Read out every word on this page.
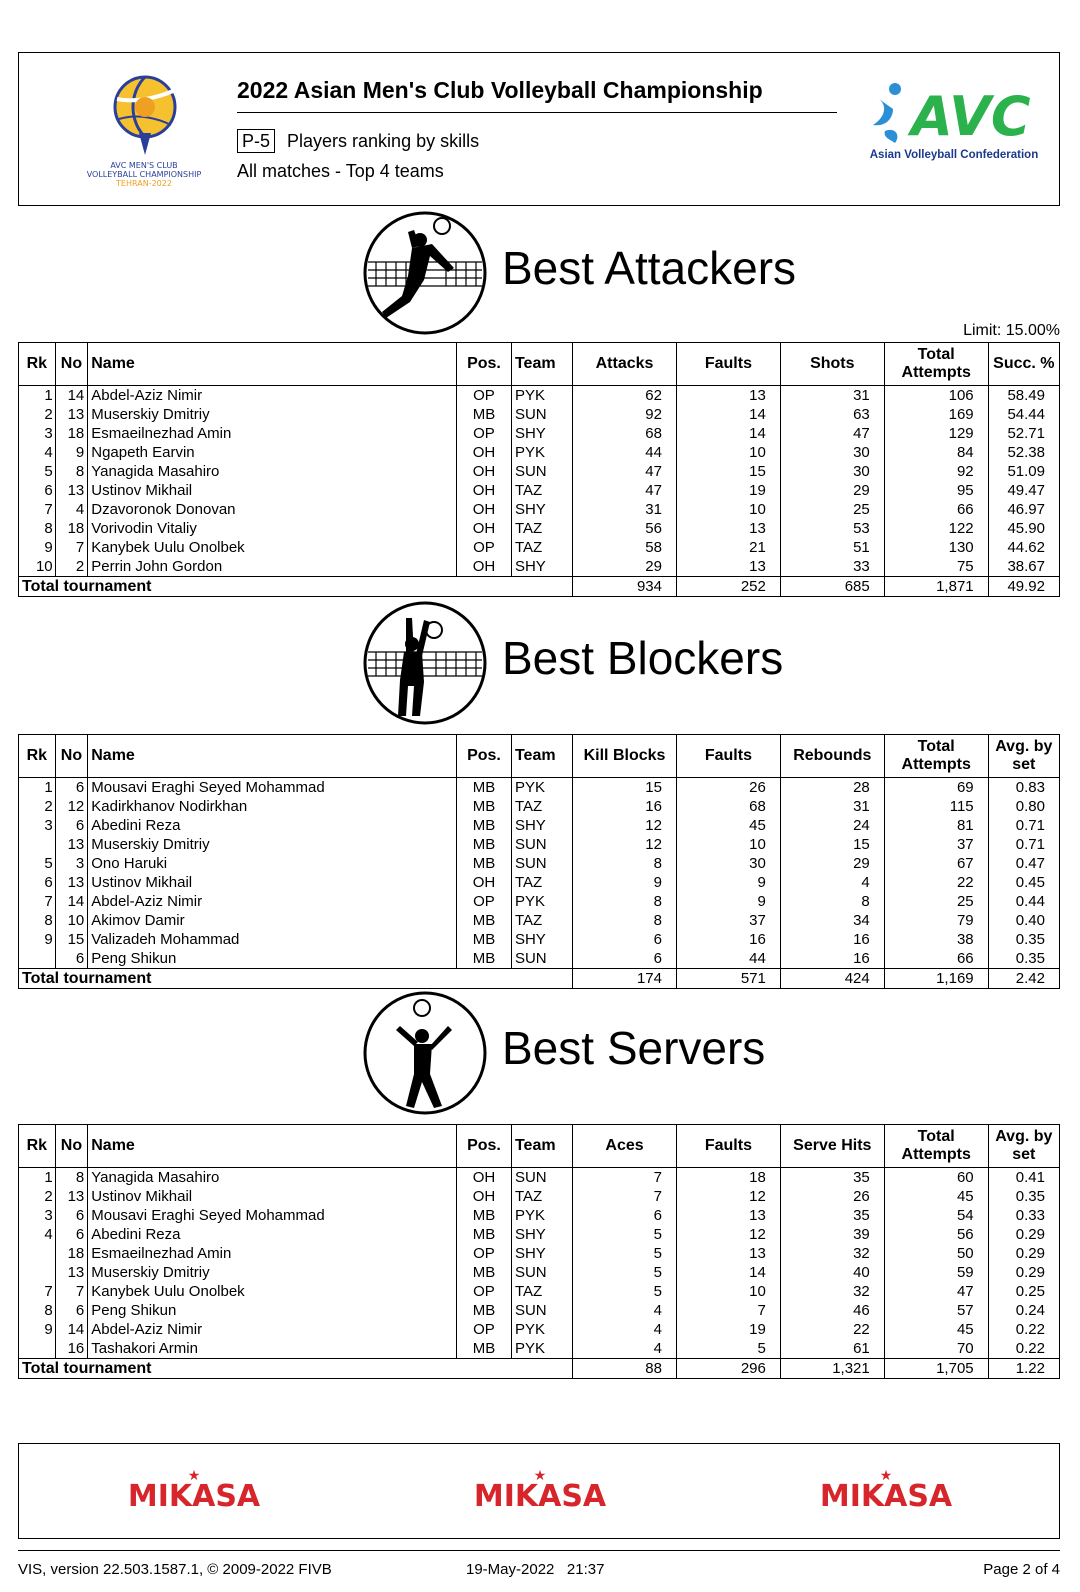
AVC MEN'S CLUB
VOLLEYBALL CHAMPIONSHIP
TEHRAN-2022
2022 Asian Men's Club Volleyball Championship
P-5 Players ranking by skills
All matches - Top 4 teams
AVC
Asian Volleyball Confederation
Best Attackers
Limit: 15.00%
Rk	No	Name	Pos.	Team	Attacks	Faults	Shots	Total Attempts	Succ. %
1	14	Abdel-Aziz Nimir	OP	PYK	62	13	31	106	58.49
2	13	Muserskiy Dmitriy	MB	SUN	92	14	63	169	54.44
3	18	Esmaeilnezhad Amin	OP	SHY	68	14	47	129	52.71
4	9	Ngapeth Earvin	OH	PYK	44	10	30	84	52.38
5	8	Yanagida Masahiro	OH	SUN	47	15	30	92	51.09
6	13	Ustinov Mikhail	OH	TAZ	47	19	29	95	49.47
7	4	Dzavoronok Donovan	OH	SHY	31	10	25	66	46.97
8	18	Vorivodin Vitaliy	OH	TAZ	56	13	53	122	45.90
9	7	Kanybek Uulu Onolbek	OP	TAZ	58	21	51	130	44.62
10	2	Perrin John Gordon	OH	SHY	29	13	33	75	38.67
Total tournament					934	252	685	1,871	49.92
Best Blockers
Rk	No	Name	Pos.	Team	Kill Blocks	Faults	Rebounds	Total Attempts	Avg. by set
1	6	Mousavi Eraghi Seyed Mohammad	MB	PYK	15	26	28	69	0.83
2	12	Kadirkhanov Nodirkhan	MB	TAZ	16	68	31	115	0.80
3	6	Abedini Reza	MB	SHY	12	45	24	81	0.71
	13	Muserskiy Dmitriy	MB	SUN	12	10	15	37	0.71
5	3	Ono Haruki	MB	SUN	8	30	29	67	0.47
6	13	Ustinov Mikhail	OH	TAZ	9	9	4	22	0.45
7	14	Abdel-Aziz Nimir	OP	PYK	8	9	8	25	0.44
8	10	Akimov Damir	MB	TAZ	8	37	34	79	0.40
9	15	Valizadeh Mohammad	MB	SHY	6	16	16	38	0.35
	6	Peng Shikun	MB	SUN	6	44	16	66	0.35
Total tournament					174	571	424	1,169	2.42
Best Servers
Rk	No	Name	Pos.	Team	Aces	Faults	Serve Hits	Total Attempts	Avg. by set
1	8	Yanagida Masahiro	OH	SUN	7	18	35	60	0.41
2	13	Ustinov Mikhail	OH	TAZ	7	12	26	45	0.35
3	6	Mousavi Eraghi Seyed Mohammad	MB	PYK	6	13	35	54	0.33
4	6	Abedini Reza	MB	SHY	5	12	39	56	0.29
	18	Esmaeilnezhad Amin	OP	SHY	5	13	32	50	0.29
	13	Muserskiy Dmitriy	MB	SUN	5	14	40	59	0.29
7	7	Kanybek Uulu Onolbek	OP	TAZ	5	10	32	47	0.25
8	6	Peng Shikun	MB	SUN	4	7	46	57	0.24
9	14	Abdel-Aziz Nimir	OP	PYK	4	19	22	45	0.22
	16	Tashakori Armin	MB	PYK	4	5	61	70	0.22
Total tournament					88	296	1,321	1,705	1.22
★
MIKASA
★
MIKASA
★
MIKASA
VIS, version 22.503.1587.1, © 2009-2022 FIVB	19-May-2022   21:37	Page 2 of 4
